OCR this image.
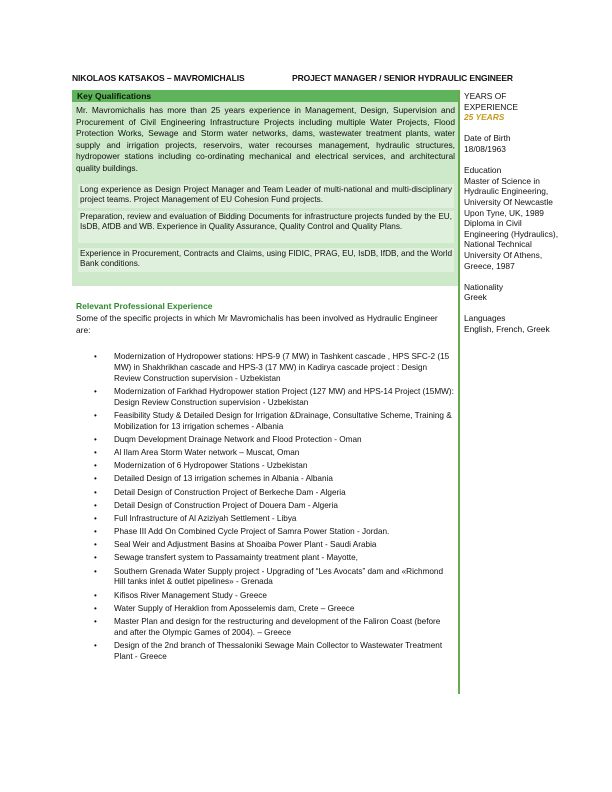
NIKOLAOS KATSAKOS – MAVROMICHALIS	PROJECT MANAGER / SENIOR HYDRAULIC ENGINEER
Key Qualifications
Mr. Mavromichalis has more than 25 years experience in Management, Design, Supervision and Procurement of Civil Engineering Infrastructure Projects including multiple Water Projects, Flood Protection Works, Sewage and Storm water networks, dams, wastewater treatment plants, water supply and irrigation projects, reservoirs, water recourses management, hydraulic structures, hydropower stations including co-ordinating mechanical and electrical services, and architectural quality buildings.
Long experience as Design Project Manager and Team Leader of multi-national and multi-disciplinary project teams. Project Management of EU Cohesion Fund projects.
Preparation, review and evaluation of Bidding Documents for infrastructure projects funded by the EU, IsDB, AfDB and WB. Experience in Quality Assurance, Quality Control and Quality Plans.
Experience in Procurement, Contracts and Claims, using FIDIC, PRAG, EU, IsDB, IfDB, and the World Bank conditions.
Relevant Professional Experience
Some of the specific projects in which Mr Mavromichalis has been involved as Hydraulic Engineer are:
• Modernization of Hydropower stations: HPS-9 (7 MW) in Tashkent cascade , HPS SFC-2 (15 MW) in Shakhrikhan cascade and HPS-3 (17 MW) in Kadirya cascade project : Design Review Construction supervision - Uzbekistan
• Modernization of Farkhad Hydropower station Project (127 MW) and HPS-14 Project (15MW): Design Review Construction supervision - Uzbekistan
• Feasibility Study & Detailed Design for Irrigation &Drainage, Consultative Scheme, Training & Mobilization for 13 irrigation schemes - Albania
• Duqm Development Drainage Network and Flood Protection - Oman
• Al Ilam Area Storm Water network – Muscat, Oman
• Modernization of 6 Hydropower Stations - Uzbekistan
• Detailed Design of 13 irrigation schemes in Albania - Albania
• Detail Design of Construction Project of Berkeche Dam - Algeria
• Detail Design of Construction Project of Douera Dam - Algeria
• Full Infrastructure of Al Aziziyah Settlement - Libya
• Phase III Add On Combined Cycle Project of Samra Power Station - Jordan.
• Seal Weir and Adjustment Basins at Shoaiba Power Plant - Saudi Arabia
• Sewage transfert system to Passamainty treatment plant - Mayotte,
• Southern Grenada Water Supply project - Upgrading of “Les Avocats” dam and «Richmond Hill tanks inlet & outlet pipelines» - Grenada
• Kifisos River Management Study - Greece
• Water Supply of Heraklion from Aposselemis dam, Crete – Greece
• Master Plan and design for the restructuring and development of the Faliron Coast (before and after the Olympic Games of 2004). – Greece
• Design of the 2nd branch of Thessaloniki Sewage Main Collector to Wastewater Treatment Plant - Greece
YEARS OF
EXPERIENCE
25 YEARS
Date of Birth
18/08/1963
Education
Master of Science in Hydraulic Engineering, University Of Newcastle Upon Tyne, UK, 1989
Diploma in Civil Engineering (Hydraulics), National Technical University Of Athens, Greece, 1987
Nationality
Greek
Languages
English, French, Greek
